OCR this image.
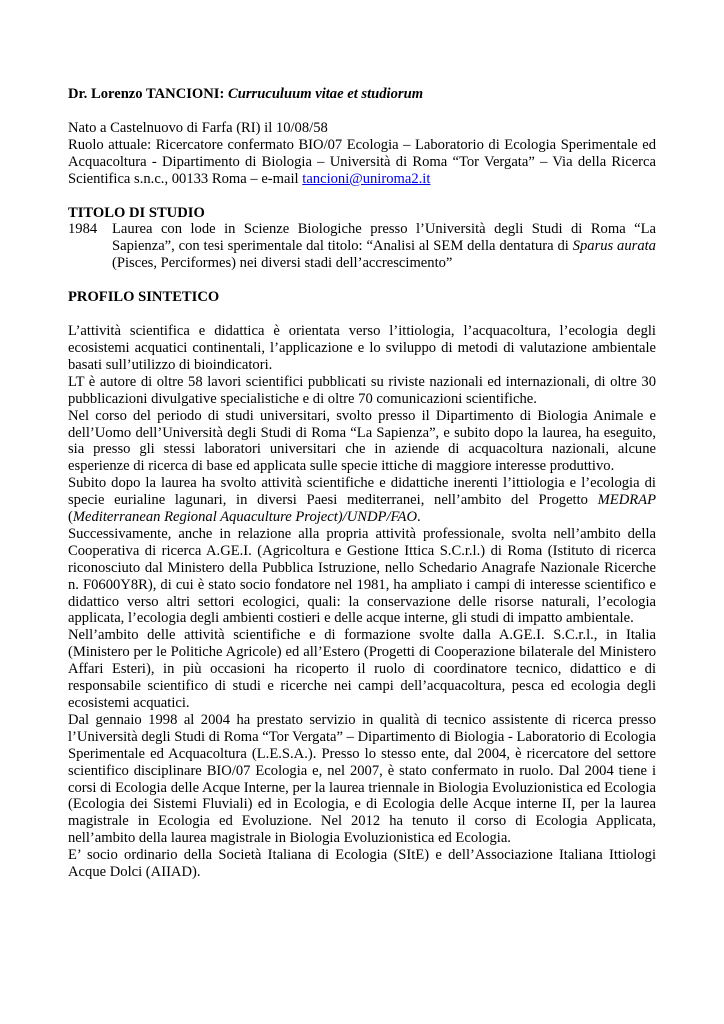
Dr. Lorenzo TANCIONI: Curruculuum vitae et studiorum

Nato a Castelnuovo di Farfa (RI) il 10/08/58

Ruolo attuale: Ricercatore confermato BIO/07 Ecologia – Laboratorio di Ecologia Sperimentale ed Acquacoltura - Dipartimento di Biologia – Università di Roma “Tor Vergata” – Via della Ricerca Scientifica s.n.c., 00133 Roma – e-mail tancioni@uniroma2.it

TITOLO DI STUDIO

1984	Laurea con lode in Scienze Biologiche presso l’Università degli Studi di Roma “La Sapienza”, con tesi sperimentale dal titolo: “Analisi al SEM della dentatura di Sparus aurata (Pisces, Perciformes) nei diversi stadi dell’accrescimento”

PROFILO SINTETICO

L’attività scientifica e didattica è orientata verso l’ittiologia, l’acquacoltura, l’ecologia degli ecosistemi acquatici continentali, l’applicazione e lo sviluppo di metodi di valutazione ambientale basati sull’utilizzo di bioindicatori.

LT è autore di oltre 58 lavori scientifici pubblicati su riviste nazionali ed internazionali, di oltre 30 pubblicazioni divulgative specialistiche e di oltre 70 comunicazioni scientifiche.

Nel corso del periodo di studi universitari, svolto presso il Dipartimento di Biologia Animale e dell’Uomo dell’Università degli Studi di Roma “La Sapienza”, e subito dopo la laurea, ha eseguito, sia presso gli stessi laboratori universitari che in aziende di acquacoltura nazionali, alcune esperienze di ricerca di base ed applicata sulle specie ittiche di maggiore interesse produttivo.

Subito dopo la laurea ha svolto attività scientifiche e didattiche inerenti l’ittiologia e l’ecologia di specie eurialine lagunari, in diversi Paesi mediterranei, nell’ambito del Progetto MEDRAP (Mediterranean Regional Aquaculture Project)/UNDP/FAO.

Successivamente, anche in relazione alla propria attività professionale, svolta nell’ambito della Cooperativa di ricerca A.GE.I. (Agricoltura e Gestione Ittica S.C.r.l.) di Roma (Istituto di ricerca riconosciuto dal Ministero della Pubblica Istruzione, nello Schedario Anagrafe Nazionale Ricerche n. F0600Y8R), di cui è stato socio fondatore nel 1981, ha ampliato i campi di interesse scientifico e didattico verso altri settori ecologici, quali: la conservazione delle risorse naturali, l’ecologia applicata, l’ecologia degli ambienti costieri e delle acque interne, gli studi di impatto ambientale.

Nell’ambito delle attività scientifiche e di formazione svolte dalla A.GE.I. S.C.r.l., in Italia (Ministero per le Politiche Agricole) ed all’Estero (Progetti di Cooperazione bilaterale del Ministero Affari Esteri), in più occasioni ha ricoperto il ruolo di coordinatore tecnico, didattico e di responsabile scientifico di studi e ricerche nei campi dell’acquacoltura, pesca ed ecologia degli ecosistemi acquatici.

Dal gennaio 1998 al 2004 ha prestato servizio in qualità di tecnico assistente di ricerca presso l’Università degli Studi di Roma “Tor Vergata” – Dipartimento di Biologia - Laboratorio di Ecologia Sperimentale ed Acquacoltura (L.E.S.A.). Presso lo stesso ente, dal 2004, è ricercatore del settore scientifico disciplinare BIO/07 Ecologia e, nel 2007, è stato confermato in ruolo. Dal 2004 tiene i corsi di Ecologia delle Acque Interne, per la laurea triennale in Biologia Evoluzionistica ed Ecologia (Ecologia dei Sistemi Fluviali) ed in Ecologia, e di Ecologia delle Acque interne II, per la laurea magistrale in Ecologia ed Evoluzione. Nel 2012 ha tenuto il corso di Ecologia Applicata, nell’ambito della laurea magistrale in Biologia Evoluzionistica ed Ecologia.

E’ socio ordinario della Società Italiana di Ecologia (SItE) e dell’Associazione Italiana Ittiologi Acque Dolci (AIIAD).
